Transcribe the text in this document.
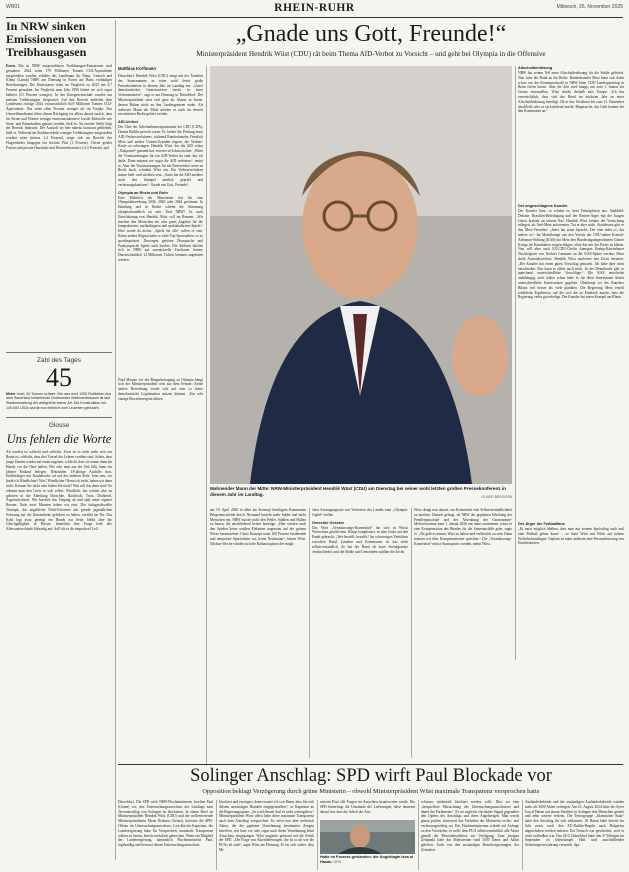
WR01	RHEIN-RUHR	Mittwoch, 26. November 2025
In NRW sinken Emissionen von Treibhausgasen
Essen. Die in NRW ausgestoßenen Treibhausgas-Emissionen sind gesunken. 2024 seien 179 Millionen Tonnen CO2-Äquivalente ausgestoßen worden, erklärte das Landesamt für Natur, Umwelt und Klima (Lanuk) NRW am Dienstag in Essen auf Basis vorläufiger Berechnungen. Die Emissionen seien im Vergleich zu 2023 um 4,7 Prozent gesunken. Im Vergleich zum Jahr 1990 hätten sie sich sogar halbiert (51 Prozent weniger). In der Energiewirtschaft wurden am meisten Treibhausgase freigesetzt: Auf den Bereich entfielen dem Landesamt zufolge 2024 voraussichtlich 64,9 Millionen Tonnen CO2-Äquivalente. Das seien zehn Prozent weniger als im Vorjahr. Das Umweltbundesamt führe diesen Rückgang vor allem darauf zurück, dass für Strom und Wärme weniger emissionsintensive fossile Rohstoffe wie Stein- und Braunkohlen genutzt werden, hieß es. An zweiter Stelle folgt der Bereich Industrie. Der Ausstoß sei hier nahezu konstant geblieben, hieß es. Während im Straßenverkehr weniger Treibhausgase ausgestoßen worden seien (minus 1,4 Prozent), zeige sich im Bereich des Flugverkehrs hingegen ein leichtes Plus (1 Prozent). Vierter größer Posten sind private Haushalte und Kleinverbraucher (-2,3 Prozent). epd
Zahl des Tages
45
Meter hoch, 40 Tonnen schwer: Der aus rund 1200 Rotfichten aus dem Sauerland bestehende Dortmunder Weihnachtsbaum ist laut Stadtverwaltung der weltgrößte seiner Art. Die Konstruktion mit 140.000 LEDs wurde nun feierlich zum Leuchten gebracht.
Glosse
Uns fehlen die Worte
Alt werden ist schlecht und schlecht. Zwar ist es nicht mehr weit zur Rente ist, schlecht, dass drei Viertel des Lebens vorüber sind. Schön, dass junge Damen wieder auf einen zugehen, schlecht, dass sie einem dann ihr Handy vor die Nase halten. Wie sehr man aus der Zeit fällt, kann ein kleiner Einkauf belegen. Dekoladen. 18-jährige Aushilfe dort, Endfünfziger mit Kaufabsicht ruf auf der anderen Seite. Jetzt neu, wo finde ich Windlichter? Was? Windlichter! Kenn ich nicht, haben wir dann nicht. Kennen Sie nicht oder haben Sie nicht? Was soll das denn sein? So erkennt man den Greis in sich selbst: Windlicht, das scheint also zu gehören in die Abteilung Droschke, Backfisch, Trotz, Drahtesel, Augenwischerei. Wir brechen das Vergang ab und sind unser eigener Berater. Nach zwei Minuten haben wir eins. Der stolzgeschwellte Triumph, das angebliche Nicht-Existente mit gerade jugendlichen Schwung auf die Kassentheke gehoben zu haben, verebbt im Nu: Das Kind legt zwar geneigt ein Handy zur Seite, bleibt aber die Gleichgültigkeit in Person. Immerhin ihre Frage hebt alle Altersunterschiede blitzartig auf: Soll ich es dir einpacken? LeG
„Gnade uns Gott, Freunde!“
Ministerpräsident Hendrik Wüst (CDU) rät beim Thema AfD-Verbot zu Vorsicht – und geht bei Olympia in die Offensive
Matthias Korfmann
Düsseldorf. Hendrik Wüst (CDU) steigt mit der Tonalität des Staatsmannes in seine wohl letzte große Pressekonferenz in diesem Jahr im Landtag ein: „Unser demokratisches Gemeinwesen steckt in einer Vertrauenskrise“, sagt er am Dienstag in Düsseldorf. Der Ministerpräsident setzt sich gern als Akteur in Szene, dessen Bühne nicht an den Landesgrenzen endet. Als mehrerer Mann der Mitte möchte er auch im derzeit zerstrittenen Berlin gehört werden.
AfD-Verbot
Der Chef der Arbeitnehmerorganisation der CDU (CDA), Dennis Radtke prescht voran: Er fordert die Prüfung eines AfD-Verbotsverfahrens, während Bundeskanzler Friedrich Merz und andere Unions-Granden zögern, die Verbots-Keule zu schwingen. Hendrik Wüst, der die AfD schon „Nazipartei“ genannt hat, verortet sich dazwischen: „Wenn die Voraussetzungen für ein AfD-Verbot da sind, bin ich dafür. Dann müssen wir sogar die AfD verbieten“, meint er. Aber die Voraussetzungen für ein Parteiverbot seien zu Recht hoch, schränkt Wüst ein. Ein Verbotsverfahren müsse hieb- und stichfest sein. „Sonst hat die AfD nachher noch den Stempel amtlich geprüft und verfassungskonform“. Gnade uns Gott, Freunde!
Olympia an Rhein und Ruhr
Eine Mehrheit der Münchener hat für eine Olympiabewerbung 2036, 2040 oder 2044 gestimmt. In Hamburg und in Berlin scheint die Stimmung olympiafreundlich zu sein. Und NRW? Ist nach Einschätzung von Hendrik Wüst voll im Rennen: „Wir machen den Menschen ein sehr gutes Angebot für die kompaktesten, nachhaltigsten und spektakulärsten Spiele.“ Elite werde da nichts. „Spiele für alle“ sollen es sein. Keine andere Region habe so viele Top-Sportstätten, so so sportbegeistert. Deswegen gehören Olympische und Paralympische Spiele auch hierher. Die Athleten dürften sich in NRW auf sensationelle Zuschauer freuen: Durchschnittlich 14 Millionen Tickets könnten angeboten werden.
Fünf Monate vor der Bürgerbefragung zu Olympia hängt sich der Ministerpräsident weit aus dem Fenster: Keine andere Bewerbung werde sich auf eine so breite demokratische Legitimation stützen können. „Ein sehr einzige Bewerberregion führen
Mahnender Mann der Mitte: NRW-Ministerpräsident Hendrik Wüst (CDU) am Dienstag bei seiner wohl letzten großen Pressekonferenz in diesem Jahr im Landtag.	OLIVER BERG/DPA
am 19. April 2026 in allen am Konzept beteiligten Kommunen Bürgerentscheide durch. Niemand bezieht mehr Städte und mehr Menschen ein. NRW mache nicht den Fehler, Städten und Hallen zu bauen, die anschließend keiner benötige. „Hier werden nach den Spielen keine weißen Elefanten ungenutzt auf der grünen Wiese herumstehen. Unser Konzept nutzt 100 Prozent bestehende und temporäre Sportstätten vor, keine Neubauten“, betont Wüst. Nächste Woche würden sich die Rathausspitzen der mögli-
chen Austragungsorte mit Vertretern des Landes zum „Olympia-Gipfel“ treffen.
Gerechte Gesetze
Das Wort „Veranlassungs-Konnexität“ hat sich in Wüsts Wortschatz geschlichen. Klingt kompliziert, ist aber leicht auf den Punkt gebracht: „Wer bestellt, bezahlt.“ Im schwierigen Verhältnis zwischen Bund, Ländern und Kommunen ist das nicht selbstverständlich. So hat der Bund oft teure Sozialgesetze verabschiedet, und die Städte und Gemeinden zahlten die Zeche.
Wüst dringt nun darauf, aus Konnexität eine Selbstverständlichkeit zu machen. Danach gefragt, ob NRW der geplanten Erhöhung der Pendlerpauschale und der Absenkung der Gastronomie-Mehrwertsteuer zum 1. Januar 2026 nur dann zustimmen, wenn es eine Kompensation des Bundes für die Steuerausfälle gebe, sagte er: „Da geht es darum, Wort zu halten und verlässlich zu sein. Dann müssen wir über Kompensationen sprechen.“ Die „Veranlassungs-Konnexität“ müsse Staatspraxis werden, meint Wüst.
Altschuldenlösung
NRW hat seinen Teil einer Altschuldenlösung für die Städte geliefert. Nun wäre der Bund an der Reihe. Bundeskanzler Merz hatte sich dafür schon vor der Kommunalwahl in NRW beim CDU-Landesparteitag in Bonn feiern lassen. Aber die Zeit wird knapp, um zum 1. Januar ein Gesetz einzustellen. Wüst drückt deshalb aufs Tempo: „Ich bin zuversichtlich, dass sich der Bund im nächsten Jahr an einer Altschuldenlösung beteiligt. Ob er das Verfahren bis zum 31. Dezember abschließt oder es rückwirkend macht: Hauptsache, das Geld kommt bei den Kommunen an.“
Der angeschlagene Kanzler
Der Kanzler lässt, so scheint es, kein Fettnäpfchen aus: Stadtbild-Debatte, Brasilien-Beleidigung und der Renten-Ärger mit der Jungen Union kratzen an seinem Ruf. Hendrik Wüst könnte der Versuchung erliegen, als Anti-Merz aufzutreten. Tut er aber nicht. Stattdessen gibt er den Merz-Versteher: „Jeder hat seine Sprache. Der eine redet so, der andere so.“ Im Machtkampf um den Vorsitz der CDU-nahen Konrad-Adenauer-Stiftung (KAS) hat Merz den Bundestagsabgeordneten Günter Krings als Kandidaten vorgeschlagen, ohne das mit der Partei zu klären. Nun will aber auch EX-CDU-Chefin Annegret Kramp-Karrenbauer Nachfolgerin von Norbert Lammert an der KAS-Spitze werden. Merz droht Autoritätsverlust. Hendrik Wüst moderiert den Zwist herunter: „Der Kanzler hat einen guten Vorschlag gemacht. Ich habe aber nicht entschieden. Das kann er allein auch nicht. In der Demokratie gibt es manchmal unterschiedliche Vorschläge.“ Die KAS entscheide unabhängig, auch früher schon habe es für diese Interessante Arbeit unterschiedliche Interessenten gegeben. Überhaupt sei des Kanzlers Bilanz viel besser als viele glaubten. Die Regierung Merz erzielt erhebliche Ergebnisse, auf die sich der zu Eindruck mache, dass die Regierung vieles gut erledige. Der Kanzler hat einen Kumpel am Rhein.
Der Ärger der Fußballfans
„Es muss möglich bleiben, dass man mit seinem Sprössling auch mal zum Fußball gehen kann“ – so hatte Wüst mit Blick auf höhere Sicherheitsauflagen. Geplant ist unter anderem eine Personalisierung von Eintrittskarten.
Solinger Anschlag: SPD wirft Paul Blockade vor
Opposition beklagt Verzögerung durch grüne Ministerin – obwohl Ministerpräsident Wüst maximale Transparenz versprochen hatte
Düsseldorf. Die SPD wirft NRW-Fluchtministerin Josefine Paul (Grüne) vor, den Untersuchungsausschuss des Landtags zum Terroranschlag von Solingen zu blockieren. In einem Brief an Ministerpräsident Hendrik Wüst (CDU) und die stellvertretende Ministerpräsidentin Mona Neubaur (Grüne), kritisiert die SPD-Obfrau im Untersuchungsausschuss, Lisa-Kristin Kapteinat, die Landesregierung habe Ihr Versprechen, maximale Transparenz walten zu lassen, bereits mehrfach gebrochen. Wenn ein Mitglied der Landesregierung, namentlich Fluchtministerin Paul, regelmäßig und bewusst diesen Untersuchungsausschuss
blockiert und verzögert, dann erwarte ich von Ihnen, dass Sie sich diesem unwürdigen Handeln entgegenstellen“, so Kapteinat an die Regierungsspitze. „So wird derzeit darf es nicht weitergehen.“ Ministerpräsident Wüst selbst habe diese maximale Transparenz nach dem Anschlag versprochen. So seien nun aber mehrfach Akten, die die geplante Vernehmung bestimmter Zeugen betreffen, erst kurz vor oder sogar nach deren Vernehmung beim Ausschuss eingegangen. Wüst reagierte gelassen auf die Kritik der SPD. „Die Frage von Aktenlieferungen, die ist so alt wie die PUAs alt sind“, sagte Wüst am Dienstag. Er sei sich sicher, dass Mi-
nisterin Paul alle Fragen im Ausschuss beantworten werde. Die SPD hinterfragt die Umstände der Lieferungen, diese deuteten darauf hin, dass die Arbeit des Aus-
Hatte im Prozess gestanden: der Angeklagte Issa al Hasan. DPA
schusses strukturell blockiert werden solle. Dies sei eine „beispiellose Missachtung des Untersuchungsausschusses und damit des Parlaments“. Es sei zugleich ein fatales Signal gegenüber den Opfern des Anschlags und ihren Angehörigen. Man werde genau prüfen, inwieweit das Verhalten der Ministerin rechts- und verfassungswidrig sei. Das Fluchtministerium schrieb auf Anfrage zu den Vorwürfen, es stelle dem PUA selbstverständlich alle Akten gemäß der Beweisbeschlüsse zur Verfügung. Zum jetzigen Zeitpunkt habe das Ministerium rund 3500 Daten und Akten geliefert. Auch von den zuständigen Bezirksregierungen, der Zentralen
Ausländerbehörde und der zuständigen Ausländerbehörde würden mehr als 3000 Akten vorliegen. Am 23. August 2024 hatte der Syrer Issa al Hasan auf einem Stadtfest in Solingen drei Menschen getötet und zehn weitere verletzt. Die Terrorgruppe „Islamischer Staat“ hatte den Anschlag für sich reklamiert. Al Hasan hätte bereits ein Jahr zuvor nach den EU-Dublin-Regeln nach Bulgarien abgeschoben werden müssen. Ein Versuch war gescheitert, weil er nicht auffindbar war. Das OLG Düsseldorf hatte den 27-Jährigen im September zu lebenslanger Haft und anschließender Sicherungsverwahrung verurteilt. dpa
